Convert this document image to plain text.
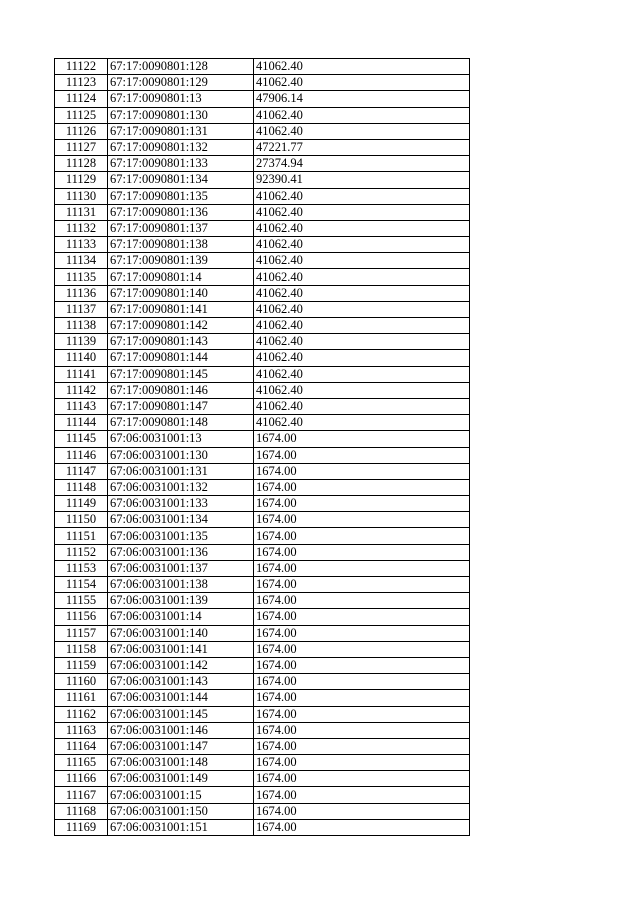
11122	67:17:0090801:128	41062.40
11123	67:17:0090801:129	41062.40
11124	67:17:0090801:13	47906.14
11125	67:17:0090801:130	41062.40
11126	67:17:0090801:131	41062.40
11127	67:17:0090801:132	47221.77
11128	67:17:0090801:133	27374.94
11129	67:17:0090801:134	92390.41
11130	67:17:0090801:135	41062.40
11131	67:17:0090801:136	41062.40
11132	67:17:0090801:137	41062.40
11133	67:17:0090801:138	41062.40
11134	67:17:0090801:139	41062.40
11135	67:17:0090801:14	41062.40
11136	67:17:0090801:140	41062.40
11137	67:17:0090801:141	41062.40
11138	67:17:0090801:142	41062.40
11139	67:17:0090801:143	41062.40
11140	67:17:0090801:144	41062.40
11141	67:17:0090801:145	41062.40
11142	67:17:0090801:146	41062.40
11143	67:17:0090801:147	41062.40
11144	67:17:0090801:148	41062.40
11145	67:06:0031001:13	1674.00
11146	67:06:0031001:130	1674.00
11147	67:06:0031001:131	1674.00
11148	67:06:0031001:132	1674.00
11149	67:06:0031001:133	1674.00
11150	67:06:0031001:134	1674.00
11151	67:06:0031001:135	1674.00
11152	67:06:0031001:136	1674.00
11153	67:06:0031001:137	1674.00
11154	67:06:0031001:138	1674.00
11155	67:06:0031001:139	1674.00
11156	67:06:0031001:14	1674.00
11157	67:06:0031001:140	1674.00
11158	67:06:0031001:141	1674.00
11159	67:06:0031001:142	1674.00
11160	67:06:0031001:143	1674.00
11161	67:06:0031001:144	1674.00
11162	67:06:0031001:145	1674.00
11163	67:06:0031001:146	1674.00
11164	67:06:0031001:147	1674.00
11165	67:06:0031001:148	1674.00
11166	67:06:0031001:149	1674.00
11167	67:06:0031001:15	1674.00
11168	67:06:0031001:150	1674.00
11169	67:06:0031001:151	1674.00
